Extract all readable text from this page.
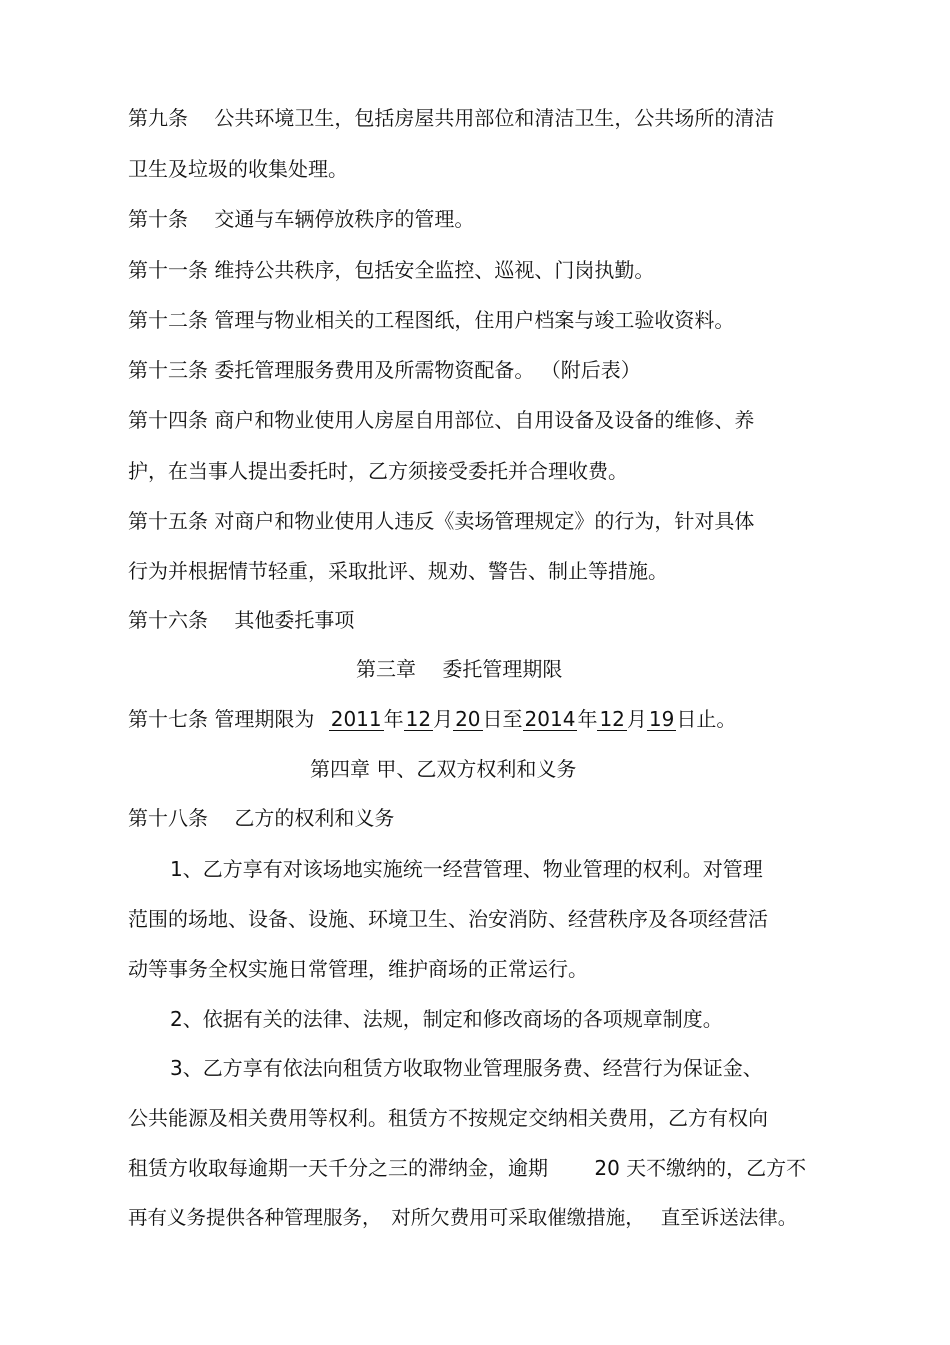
第九条　 公共环境卫生，包括房屋共用部位和清洁卫生，公共场所的清洁

卫生及垃圾的收集处理。

第十条　 交通与车辆停放秩序的管理。

第十一条 维持公共秩序，包括安全监控、巡视、门岗执勤。

第十二条 管理与物业相关的工程图纸，住用户档案与竣工验收资料。

第十三条 委托管理服务费用及所需物资配备。 （附后表）

第十四条 商户和物业使用人房屋自用部位、自用设备及设备的维修、养

护，在当事人提出委托时，乙方须接受委托并合理收费。

第十五条 对商户和物业使用人违反《卖场管理规定》的行为，针对具体

行为并根据情节轻重，采取批评、规劝、警告、制止等措施。

第十六条　 其他委托事项

第三章　 委托管理期限

第十七条 管理期限为 2011 年 12 月 20 日至 2014 年 12 月 19 日止。

第四章 甲、乙双方权利和义务

第十八条　 乙方的权利和义务

1、乙方享有对该场地实施统一经营管理、物业管理的权利。对管理

范围的场地、设备、设施、环境卫生、治安消防、经营秩序及各项经营活

动等事务全权实施日常管理，维护商场的正常运行。

2、依据有关的法律、法规，制定和修改商场的各项规章制度。

3、乙方享有依法向租赁方收取物业管理服务费、经营行为保证金、

公共能源及相关费用等权利。租赁方不按规定交纳相关费用，乙方有权向

租赁方收取每逾期一天千分之三的滞纳金，逾期　　 20 天不缴纳的，乙方不

再有义务提供各种管理服务，　对所欠费用可采取催缴措施，　 直至诉送法律。
